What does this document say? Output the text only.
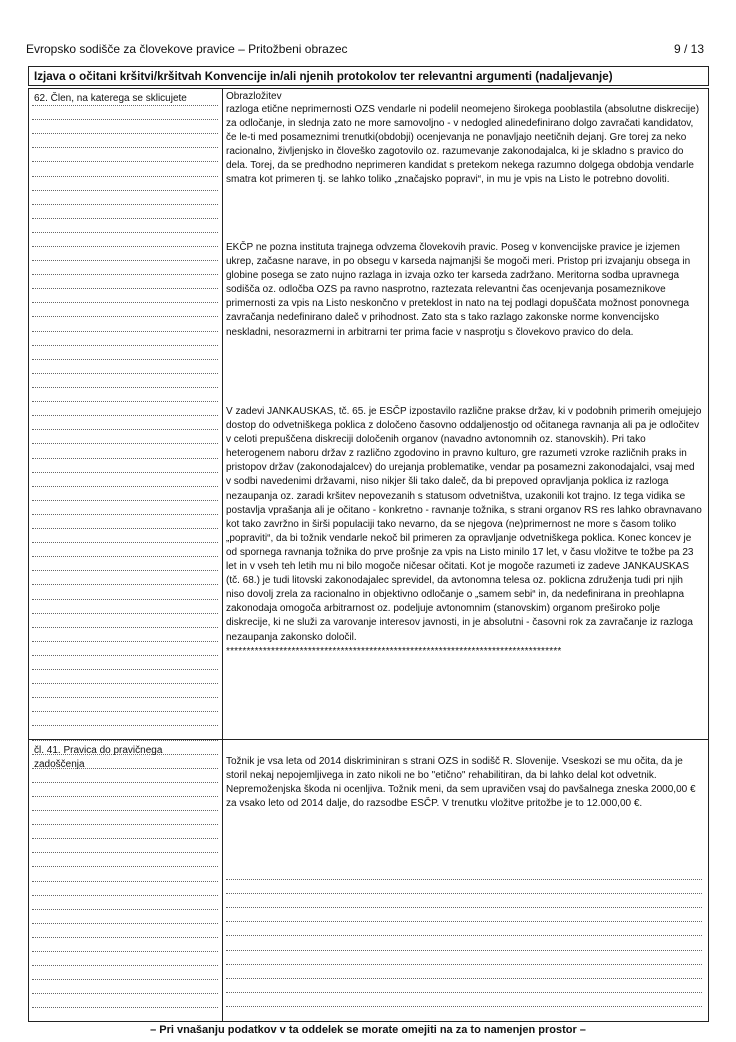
Evropsko sodišče za človekove pravice – Pritožbeni obrazec	9 / 13
Izjava o očitani kršitvi/kršitvah Konvencije in/ali njenih protokolov ter relevantni argumenti (nadaljevanje)
62. Člen, na katerega se sklicujete
čl. 41. Pravica do pravičnega zadoščenja
Obrazložitev

razloga etične neprimernosti OZS vendarle ni podelil neomejeno širokega pooblastila (absolutne diskrecije) za odločanje, in slednja zato ne more samovoljno - v nedogled alinedefinirano dolgo zavračati kandidatov, če le-ti med posameznimi trenutki(obdobji) ocenjevanja ne ponavljajo neetičnih dejanj. Gre torej za neko racionalno, življenjsko in človeško zagotovilo oz. razumevanje zakonodajalca, ki je skladno s pravico do dela. Torej, da se predhodno neprimeren kandidat s pretekom nekega razumno dolgega obdobja vendarle smatra kot primeren tj. se lahko toliko „značajsko popravi“, in mu je vpis na Listo le potrebno dovoliti.

EKČP ne pozna instituta trajnega odvzema človekovih pravic. Poseg v konvencijske pravice je izjemen ukrep, začasne narave, in po obsegu v karseda najmanjši še mogoči meri. Pristop pri izvajanju obsega in globine posega se zato nujno razlaga in izvaja ozko ter karseda zadržano. Meritorna sodba upravnega sodišča oz. odločba OZS pa ravno nasprotno, raztezata relevantni čas ocenjevanja posameznikove primernosti za vpis na Listo neskončno v preteklost in nato na tej podlagi dopuščata možnost ponovnega zavračanja nedefinirano daleč v prihodnost. Zato sta s tako razlago zakonske norme konvencijsko neskladni, nesorazmerni in arbitrarni ter prima facie v nasprotju s človekovo pravico do dela.

V zadevi JANKAUSKAS, tč. 65. je ESČP izpostavilo različne prakse držav, ki v podobnih primerih omejujejo dostop do odvetniškega poklica z določeno časovno oddaljenostjo od očitanega ravnanja ali pa je odločitev v celoti prepuščena diskreciji določenih organov (navadno avtonomnih oz. stanovskih). Pri tako heterogenem naboru držav z različno zgodovino in pravno kulturo, gre razumeti vzroke različnih praks in pristopov držav (zakonodajalcev) do urejanja problematike, vendar pa posamezni zakonodajalci, vsaj med v sodbi navedenimi državami, niso nikjer šli tako daleč, da bi prepoved opravljanja poklica iz razloga nezaupanja oz. zaradi kršitev nepovezanih s statusom odvetništva, uzakonili kot trajno. Iz tega vidika se postavlja vprašanja ali je očitano - konkretno - ravnanje tožnika, s strani organov RS res lahko obravnavano kot tako zavržno in širši populaciji tako nevarno, da se njegova (ne)primernost ne more s časom toliko „popraviti“, da bi tožnik vendarle nekoč bil primeren za opravljanje odvetniškega poklica. Konec koncev je od spornega ravnanja tožnika do prve prošnje za vpis na Listo minilo 17 let, v času vložitve te tožbe pa 23 let in v vseh teh letih mu ni bilo mogoče ničesar očitati. Kot je mogoče razumeti iz zadeve JANKAUSKAS (tč. 68.) je tudi litovski zakonodajalec sprevidel, da avtonomna telesa oz. poklicna združenja tudi pri njih niso dovolj zrela za racionalno in objektivno odločanje o „samem sebi“ in, da nedefinirana in preohlapna zakonodaja omogoča arbitrarnost oz. podeljuje avtonomnim (stanovskim) organom preširoko polje diskrecije, ki ne služi za varovanje interesov javnosti, in je absolutni - časovni rok za zavračanje iz razloga nezaupanja zakonsko določil.

**********************************************************************************

Tožnik je vsa leta od 2014 diskriminiran s strani OZS in sodišč R. Slovenije. Vseskozi se mu očita, da je storil nekaj nepojemljivega in zato nikoli ne bo "etično" rehabilitiran, da bi lahko delal kot odvetnik. Nepremoženjska škoda ni ocenljiva. Tožnik meni, da sem upravičen vsaj do pavšalnega zneska 2000,00 € za vsako leto od 2014 dalje, do razsodbe ESČP. V trenutku vložitve pritožbe je to 12.000,00 €.

– Pri vnašanju podatkov v ta oddelek se morate omejiti na za to namenjen prostor –
